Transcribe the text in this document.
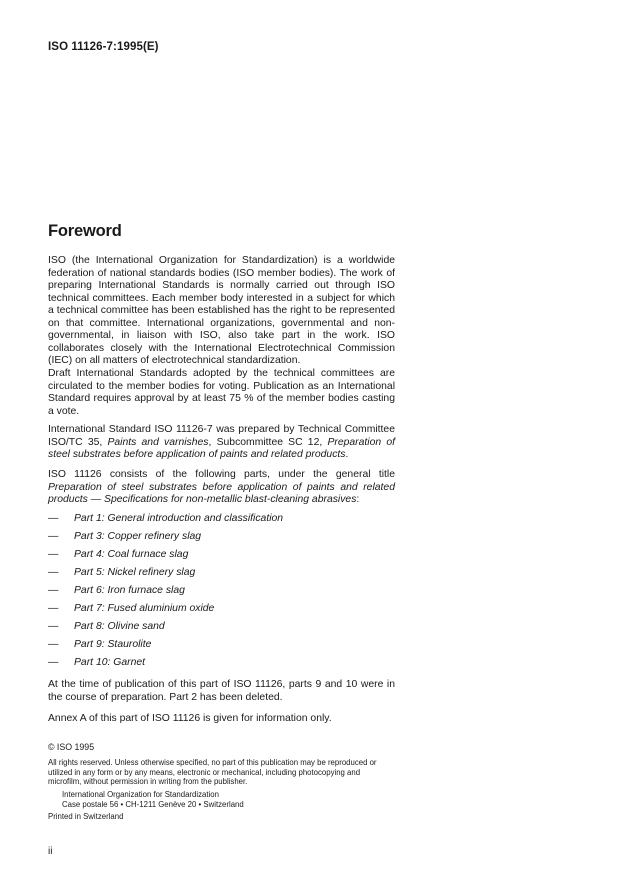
ISO 11126-7:1995(E)
Foreword
ISO (the International Organization for Standardization) is a worldwide federation of national standards bodies (ISO member bodies). The work of preparing International Standards is normally carried out through ISO technical committees. Each member body interested in a subject for which a technical committee has been established has the right to be represented on that committee. International organizations, governmental and non-governmental, in liaison with ISO, also take part in the work. ISO collaborates closely with the International Electrotechnical Commission (IEC) on all matters of electrotechnical standardization.
Draft International Standards adopted by the technical committees are circulated to the member bodies for voting. Publication as an International Standard requires approval by at least 75 % of the member bodies casting a vote.
International Standard ISO 11126-7 was prepared by Technical Committee ISO/TC 35, Paints and varnishes, Subcommittee SC 12, Preparation of steel substrates before application of paints and related products.
ISO 11126 consists of the following parts, under the general title Preparation of steel substrates before application of paints and related products — Specifications for non-metallic blast-cleaning abrasives:
— Part 1: General introduction and classification
— Part 3: Copper refinery slag
— Part 4: Coal furnace slag
— Part 5: Nickel refinery slag
— Part 6: Iron furnace slag
— Part 7: Fused aluminium oxide
— Part 8: Olivine sand
— Part 9: Staurolite
— Part 10: Garnet
At the time of publication of this part of ISO 11126, parts 9 and 10 were in the course of preparation. Part 2 has been deleted.
Annex A of this part of ISO 11126 is given for information only.
© ISO 1995
All rights reserved. Unless otherwise specified, no part of this publication may be reproduced or utilized in any form or by any means, electronic or mechanical, including photocopying and microfilm, without permission in writing from the publisher.
International Organization for Standardization
Case postale 56 • CH-1211 Genève 20 • Switzerland
Printed in Switzerland
ii
